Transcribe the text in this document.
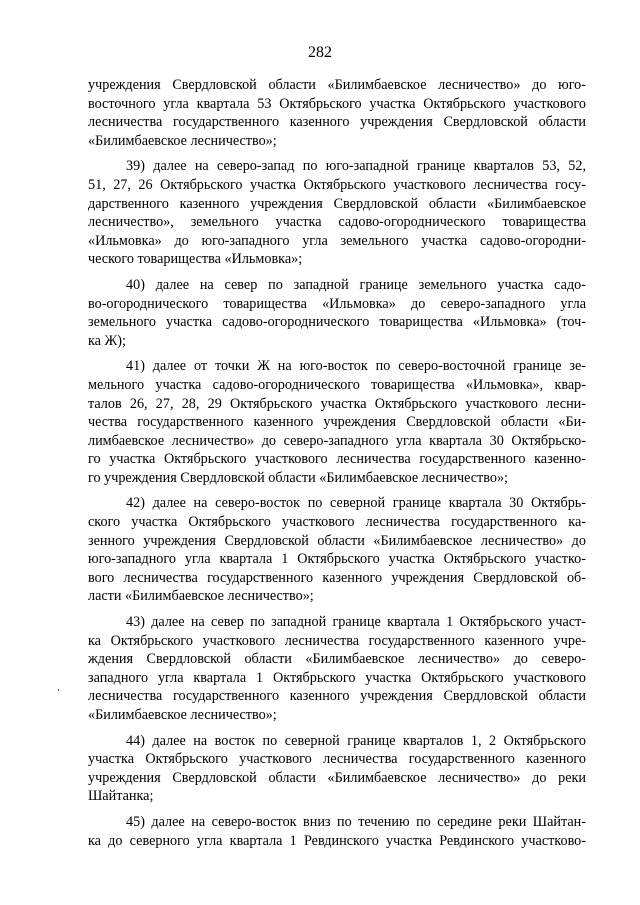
282
учреждения Свердловской области «Билимбаевское лесничество» до юго-
восточного угла квартала 53 Октябрьского участка Октябрьского участкового
лесничества государственного казенного учреждения Свердловской области
«Билимбаевское лесничество»;
39) далее на северо-запад по юго-западной границе кварталов 53, 52,
51, 27, 26 Октябрьского участка Октябрьского участкового лесничества госу-
дарственного казенного учреждения Свердловской области «Билимбаевское
лесничество», земельного участка садово-огороднического товарищества
«Ильмовка» до юго-западного угла земельного участка садово-огородни-
ческого товарищества «Ильмовка»;
40) далее на север по западной границе земельного участка садо-
во-огороднического товарищества «Ильмовка» до северо-западного угла
земельного участка садово-огороднического товарищества «Ильмовка» (точ-
ка Ж);
41) далее от точки Ж на юго-восток по северо-восточной границе зе-
мельного участка садово-огороднического товарищества «Ильмовка», квар-
талов 26, 27, 28, 29 Октябрьского участка Октябрьского участкового лесни-
чества государственного казенного учреждения Свердловской области «Би-
лимбаевское лесничество» до северо-западного угла квартала 30 Октябрьско-
го участка Октябрьского участкового лесничества государственного казенно-
го учреждения Свердловской области «Билимбаевское лесничество»;
42) далее на северо-восток по северной границе квартала 30 Октябрь-
ского участка Октябрьского участкового лесничества государственного ка-
зенного учреждения Свердловской области «Билимбаевское лесничество» до
юго-западного угла квартала 1 Октябрьского участка Октябрьского участко-
вого лесничества государственного казенного учреждения Свердловской об-
ласти «Билимбаевское лесничество»;
43) далее на север по западной границе квартала 1 Октябрьского участ-
ка Октябрьского участкового лесничества государственного казенного учре-
ждения Свердловской области «Билимбаевское лесничество» до северо-
западного угла квартала 1 Октябрьского участка Октябрьского участкового
лесничества государственного казенного учреждения Свердловской области
«Билимбаевское лесничество»;
44) далее на восток по северной границе кварталов 1, 2 Октябрьского
участка Октябрьского участкового лесничества государственного казенного
учреждения Свердловской области «Билимбаевское лесничество» до реки
Шайтанка;
45) далее на северо-восток вниз по течению по середине реки Шайтан-
ка до северного угла квартала 1 Ревдинского участка Ревдинского участково-
